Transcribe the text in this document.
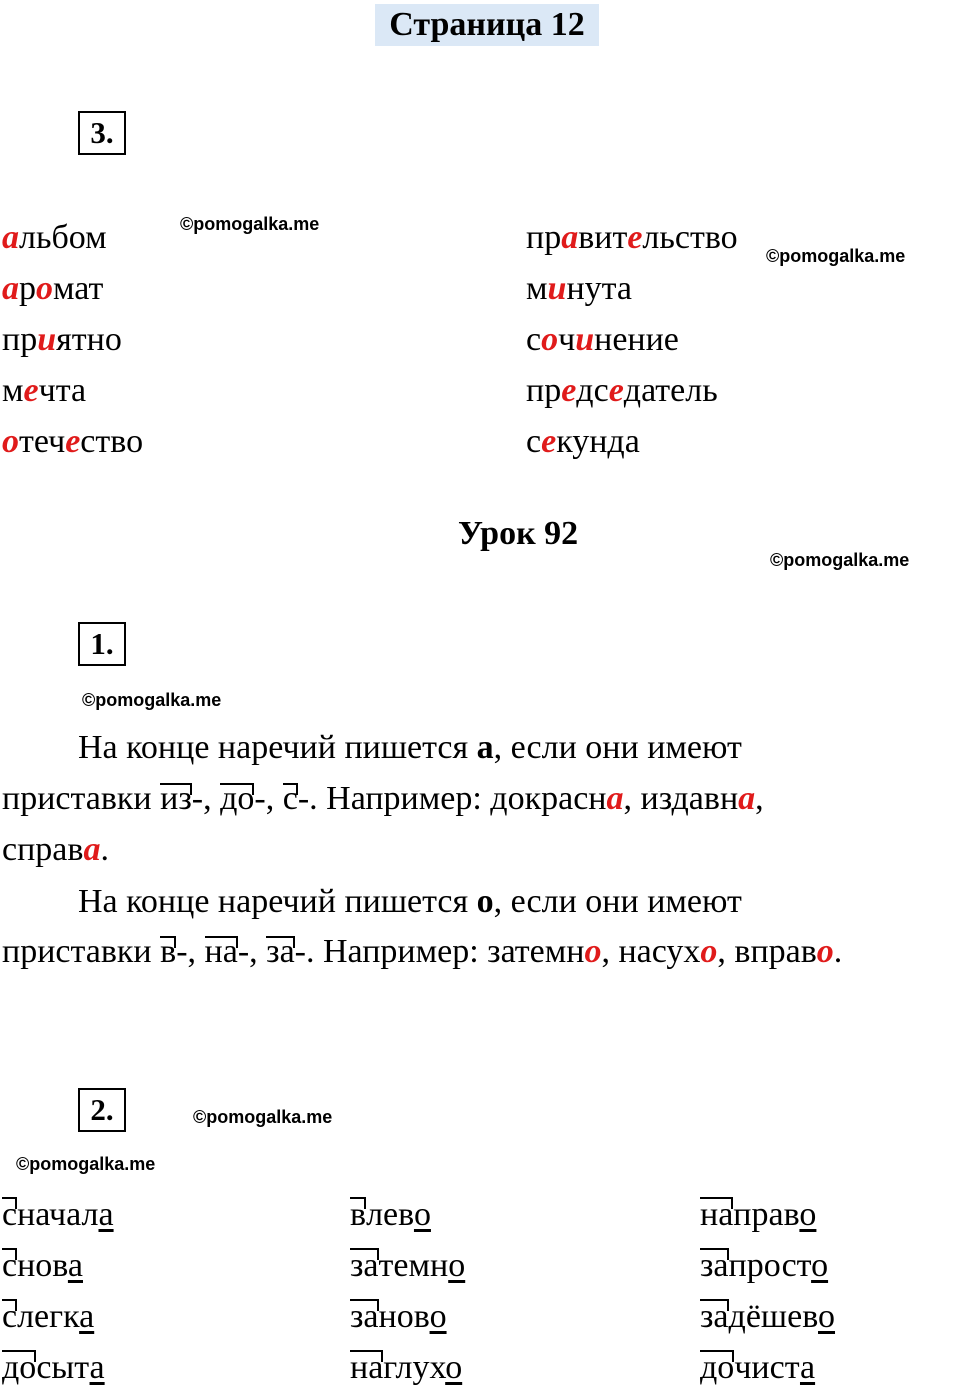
Страница 12
3.
©pomogalka.me
©pomogalka.me
альбом
аромат
приятно
мечта
отечество
правительство
минута
сочинение
председатель
секунда
Урок 92
©pomogalka.me
1.
©pomogalka.me
На конце наречий пишется а, если они имеют
приставки из-, до-, с-. Например: докрасна, издавна,
справа.
На конце наречий пишется о, если они имеют
приставки в-, на-, за-. Например: затемно, насухо, вправо.
2.	©pomogalka.me
©pomogalka.me
сначала
снова
слегка
досыта
влево
затемно
заново
наглухо
направо
запросто
задёшево
дочиста
